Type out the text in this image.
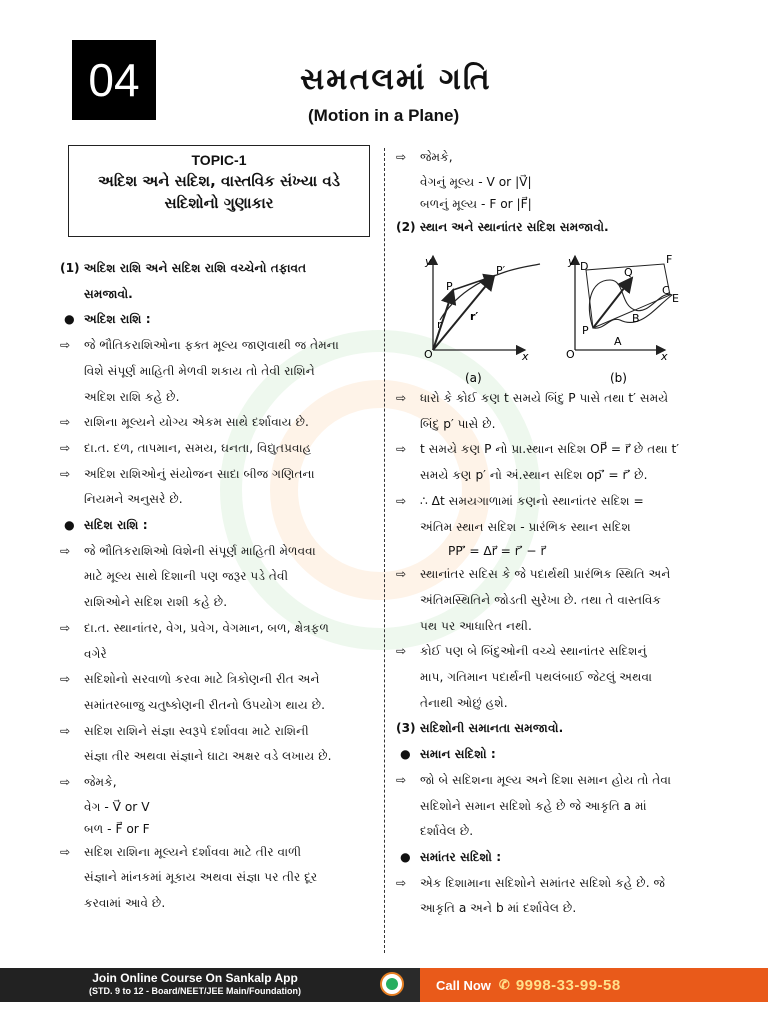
04	સમતલમાં ગતિ
(Motion in a Plane)
TOPIC-1
અદિશ અને સદિશ, વાસ્તવિક સંખ્યા વડે
સદિશોનો ગુણાકાર
(1) અદિશ રાશિ અને સદિશ રાશિ વચ્ચેનો તફાવત
સમજાવો.
● અદિશ રાશિ :
⇨ જે ભૌતિકરાશિઓના ફક્ત મૂલ્ય જાણવાથી જ તેમના
વિશે સંપૂર્ણ માહિતી મેળવી શકાય તો તેવી રાશિને
અદિશ રાશિ કહે છે.
⇨ રાશિના મૂલ્યને યોગ્ય એકમ સાથે દર્શાવાય છે.
⇨ દા.ત. દળ, તાપમાન, સમય, ઘનતા, વિદ્યુતપ્રવાહ
⇨ અદિશ રાશિઓનું સંયોજન સાદા બીજ ગણિતના
નિયમને અનુસરે છે.
● સદિશ રાશિ :
⇨ જે ભૌતિકરાશિઓ વિશેની સંપૂર્ણ માહિતી મેળવવા
માટે મૂલ્ય સાથે દિશાની પણ જરૂર પડે તેવી
રાશિઓને સદિશ રાશી કહે છે.
⇨ દા.ત. સ્થાનાંતર, વેગ, પ્રવેગ, વેગમાન, બળ, ક્ષેત્રફળ
વગેરે
⇨ સદિશોનો સરવાળો કરવા માટે ત્રિકોણની રીત અને
સમાંતરબાજુ ચતુષ્કોણની રીતનો ઉપયોગ થાય છે.
⇨ સદિશ રાશિને સંજ્ઞા સ્વરૂપે દર્શાવવા માટે રાશિની
સંજ્ઞા તીર અથવા સંજ્ઞાને ઘાટા અક્ષર વડે લખાય છે.
⇨ જેમકે,
વેગ - V⃗ or V
બળ - F⃗ or F
⇨ સદિશ રાશિના મૂલ્યને દર્શાવવા માટે તીર વાળી
સંજ્ઞાને માંનકમાં મૂકાય અથવા સંજ્ઞા પર તીર દૂર
કરવામાં આવે છે.
⇨ જેમકે,
વેગનું મૂલ્ય - V or |V⃗|
બળનું મૂલ્ય - F or |F⃗|
(2) સ્થાન અને સ્થાનાંતર સદિશ સમજાવો.
y
P
P′
r
r′
O	x
(a)
y D	Q
F
C
E
B
P
A
O	x
(b)
⇨ ધારો કે કોઈ કણ t સમયે બિંદુ P પાસે તથા t′ સમયે
બિંદુ p′ પાસે છે.
⇨ t સમયે કણ P નો પ્રા.સ્થાન સદિશ OP⃗ = r⃗ છે તથા t′
સમયે કણ p′ નો અં.સ્થાન સદિશ op′⃗ = r′⃗ છે.
⇨ ∴ Δt સમયગાળામાં કણનો સ્થાનાંતર સદિશ =
અંતિમ સ્થાન સદિશ - પ્રારંભિક સ્થાન સદિશ
PP′⃗ = Δr⃗ = r′⃗ − r⃗
⇨ સ્થાનાંતર સદિસ કે જે પદાર્થથી પ્રારંભિક સ્થિતિ અને
અંતિમસ્થિતિને જોડતી સુરેખા છે. તથા તે વાસ્તવિક
પથ પર આધારિત નથી.
⇨ કોઈ પણ બે બિંદુઓની વચ્ચે સ્થાનાંતર સદિશનું
માપ, ગતિમાન પદાર્થની પથલંબાઈ જેટલું અથવા
તેનાથી ઓછું હશે.
(3) સદિશોની સમાનતા સમજાવો.
● સમાન સદિશો :
⇨ જો બે સદિશના મૂલ્ય અને દિશા સમાન હોય તો તેવા
સદિશોને સમાન સદિશો કહે છે જે આકૃતિ a માં
દર્શાવેલ છે.
● સમાંતર સદિશો :
⇨ એક દિશામાના સદિશોને સમાંતર સદિશો કહે છે. જે
આકૃતિ a અને b માં દર્શાવેલ છે.
Join Online Course On Sankalp App
(STD. 9 to 12 - Board/NEET/JEE Main/Foundation)	Call Now ✆ 9998-33-99-58
